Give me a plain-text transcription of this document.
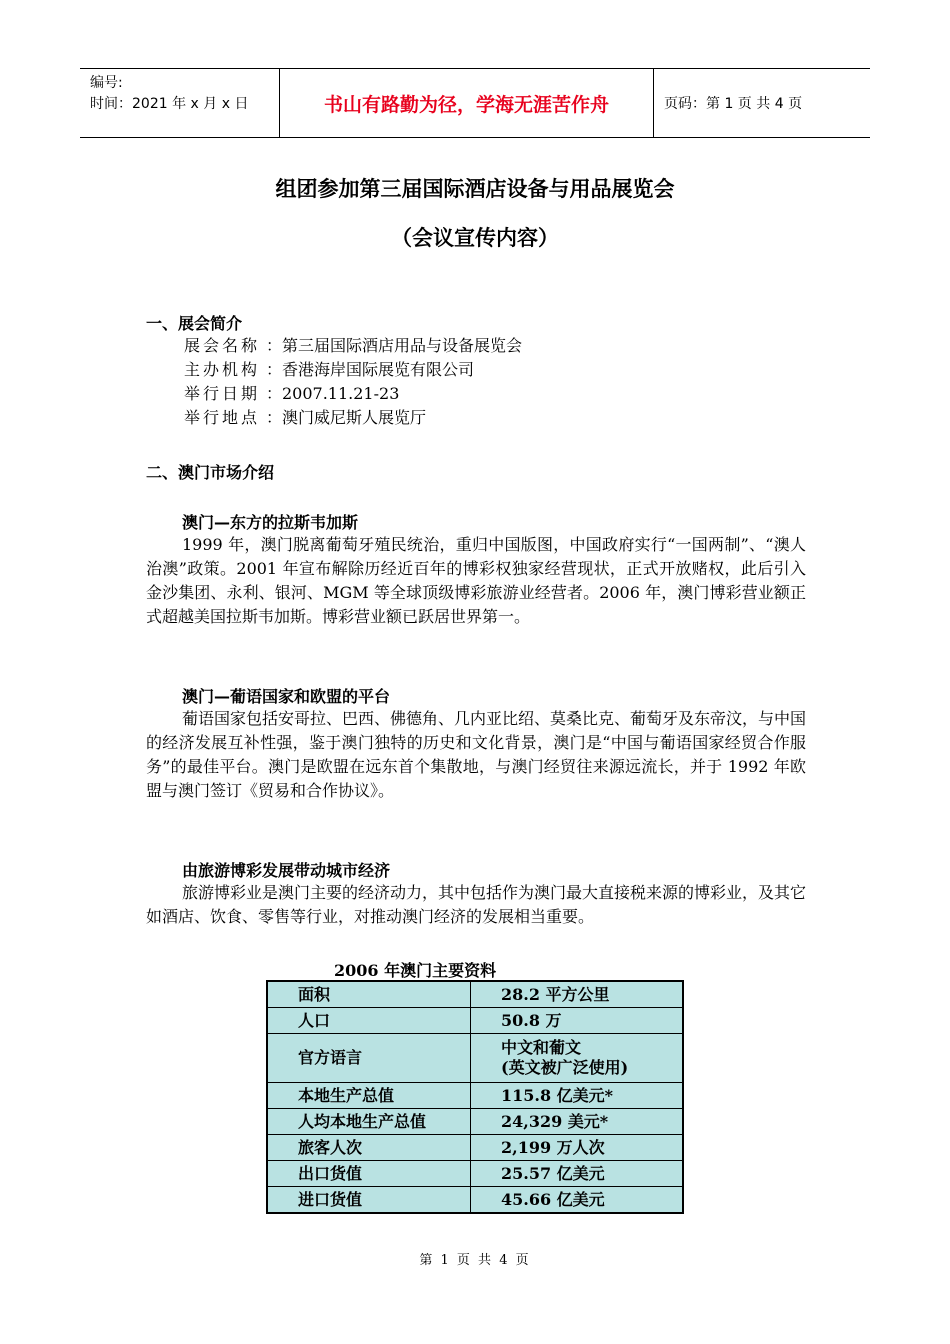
编号:
时间：2021 年 x 月 x 日	书山有路勤为径，学海无涯苦作舟	页码：第 1 页 共 4 页
组团参加第三届国际酒店设备与用品展览会
（会议宣传内容）
一、展会简介
展会名称 ：第三届国际酒店用品与设备展览会
主办机构 ：香港海岸国际展览有限公司
举行日期 ：2007.11.21-23
举行地点 ：澳门威尼斯人展览厅
二、澳门市场介绍
澳门—东方的拉斯韦加斯
1999 年，澳门脱离葡萄牙殖民统治，重归中国版图，中国政府实行“一国两制”、“澳人治澳”政策。2001 年宣布解除历经近百年的博彩权独家经营现状，正式开放赌权，此后引入金沙集团、永利、银河、MGM 等全球顶级博彩旅游业经营者。2006 年，澳门博彩营业额正式超越美国拉斯韦加斯。博彩营业额已跃居世界第一。
澳门—葡语国家和欧盟的平台
葡语国家包括安哥拉、巴西、佛德角、几内亚比绍、莫桑比克、葡萄牙及东帝汶，与中国的经济发展互补性强，鉴于澳门独特的历史和文化背景，澳门是“中国与葡语国家经贸合作服务”的最佳平台。澳门是欧盟在远东首个集散地，与澳门经贸往来源远流长，并于 1992 年欧盟与澳门签订《贸易和合作协议》。
由旅游博彩发展带动城市经济
旅游博彩业是澳门主要的经济动力，其中包括作为澳门最大直接税来源的博彩业，及其它如酒店、饮食、零售等行业，对推动澳门经济的发展相当重要。
2006 年澳门主要资料
面积	28.2 平方公里
人口	50.8 万
官方语言	中文和葡文
(英文被广泛使用)

本地生产总值	115.8 亿美元*
人均本地生产总值	24,329 美元*
旅客人次	2,199 万人次
出口货值	25.57 亿美元
进口货值	45.66 亿美元
第 1 页 共 4 页
